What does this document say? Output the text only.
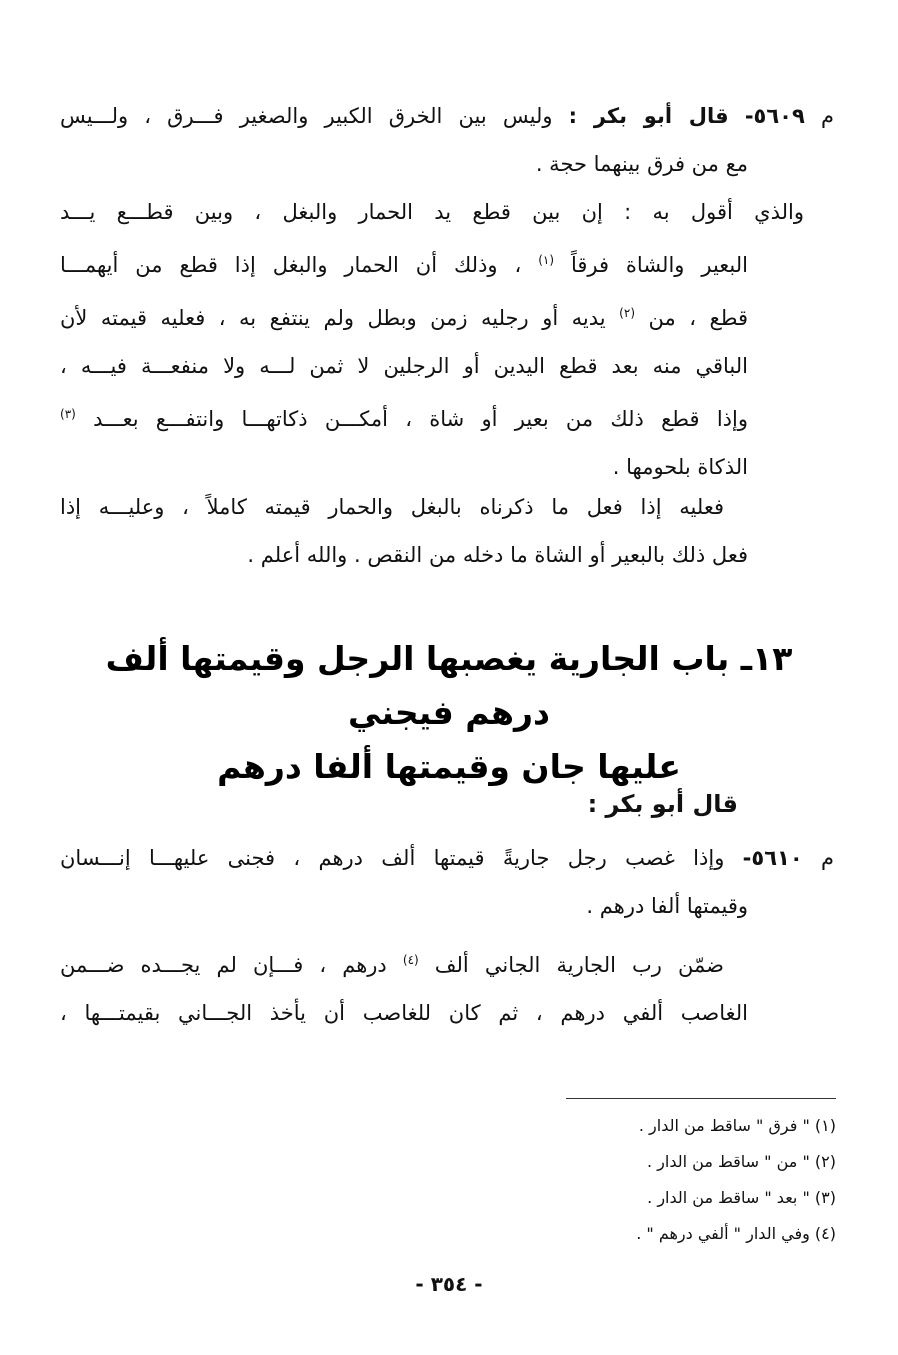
م ٥٦٠٩- قال أبو بكر : وليس بين الخرق الكبير والصغير فـــرق ، ولـــيس
مع من فرق بينهما حجة .
والذي أقول به : إن بين قطع يد الحمار والبغل ، وبين قطـــع يـــد
البعير والشاة فرقاً $^{(١)}$ ، وذلك أن الحمار والبغل إذا قطع من أيهمـــا
قطع ، من $^{(٢)}$ يديه أو رجليه زمن وبطل ولم ينتفع به ، فعليه قيمته لأن
الباقي منه بعد قطع اليدين أو الرجلين لا ثمن لـــه ولا منفعـــة فيـــه ،
وإذا قطع ذلك من بعير أو شاة ، أمكـــن ذكاتهـــا وانتفـــع بعـــد $^{(٣)}$
الذكاة بلحومها .
فعليه إذا فعل ما ذكرناه بالبغل والحمار قيمته كاملاً ، وعليـــه إذا
فعل ذلك بالبعير أو الشاة ما دخله من النقص . والله أعلم .
١٣ـ باب الجارية يغصبها الرجل وقيمتها ألف درهم فيجني
عليها جان وقيمتها ألفا درهم
قال أبو بكر :
م ٥٦١٠- وإذا غصب رجل جاريةً قيمتها ألف درهم ، فجنى عليهـــا إنـــسان
وقيمتها ألفا درهم .
ضمّن رب الجارية الجاني ألف $^{(٤)}$ درهم ، فـــإن لم يجـــده ضـــمن
الغاصب ألفي درهم ، ثم كان للغاصب أن يأخذ الجـــاني بقيمتـــها ،
(١) " فرق " ساقط من الدار .
(٢) " من " ساقط من الدار .
(٣) " بعد " ساقط من الدار .
(٤) وفي الدار " ألفي درهم " .
- ٣٥٤ -
